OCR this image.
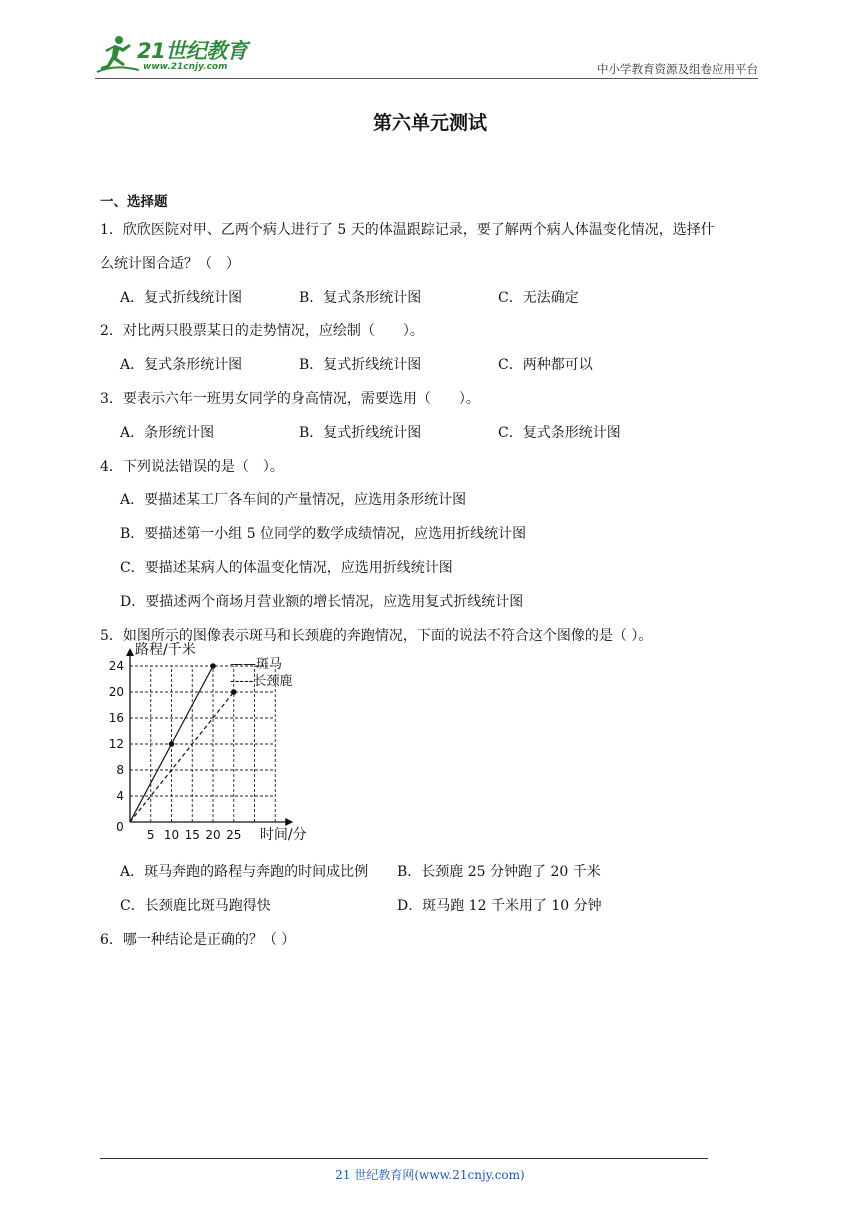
21世纪教育
www.21cnjy.com	中小学教育资源及组卷应用平台
第六单元测试
一、选择题
1．欣欣医院对甲、乙两个病人进行了 5 天的体温跟踪记录，要了解两个病人体温变化情况，选择什
么统计图合适？（　）
A．复式折线统计图	B．复式条形统计图	C．无法确定
2．对比两只股票某日的走势情况，应绘制（　　）。
A．复式条形统计图	B．复式折线统计图	C．两种都可以
3．要表示六年一班男女同学的身高情况，需要选用（　　）。
A．条形统计图	B．复式折线统计图	C．复式条形统计图
4．下列说法错误的是（　）。
A．要描述某工厂各车间的产量情况，应选用条形统计图
B．要描述第一小组 5 位同学的数学成绩情况，应选用折线统计图
C．要描述某病人的体温变化情况，应选用折线统计图
D．要描述两个商场月营业额的增长情况，应选用复式折线统计图
5．如图所示的图像表示斑马和长颈鹿的奔跑情况，下面的说法不符合这个图像的是（ ）。
4
8
12
16
20
24
0
5 10 15 20 25
路程/千米
时间/分
——斑马
-----长颈鹿
A．斑马奔跑的路程与奔跑的时间成比例 B．长颈鹿 25 分钟跑了 20 千米
C．长颈鹿比斑马跑得快	D．斑马跑 12 千米用了 10 分钟
6．哪一种结论是正确的？（ ）
21 世纪教育网(www.21cnjy.com)
